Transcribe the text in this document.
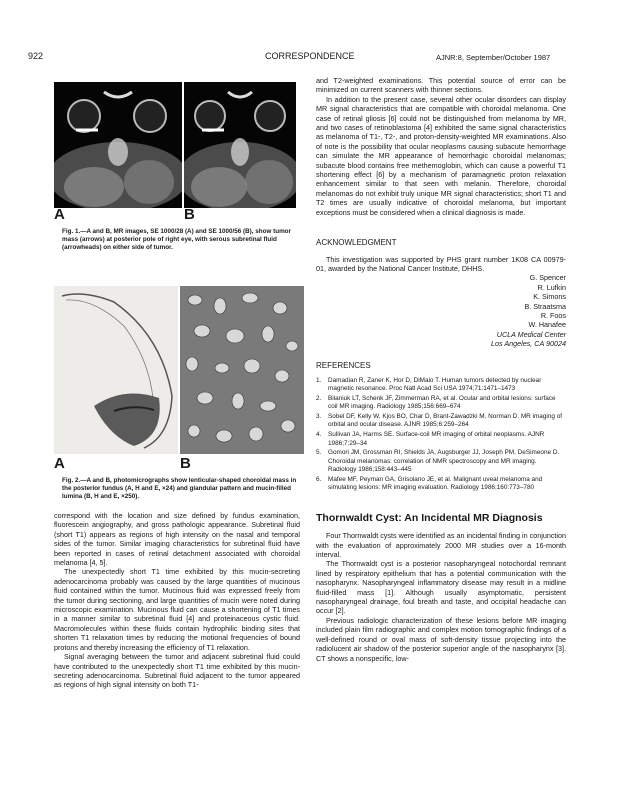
922	CORRESPONDENCE	AJNR:8, September/October 1987
A	B
Fig. 1.—A and B, MR images, SE 1000/28 (A) and SE 1000/56 (B), show tumor mass (arrows) at posterior pole of right eye, with serous subretinal fluid (arrowheads) on either side of tumor.
A	B
Fig. 2.—A and B, photomicrographs show lenticular-shaped choroidal mass in the posterior fundus (A, H and E, ×24) and glandular pattern and mucin-filled lumina (B, H and E, ×250).

correspond with the location and size defined by fundus examination, fluorescein angiography, and gross pathologic appearance. Subretinal fluid (short T1) appears as regions of high intensity on the nasal and temporal sides of the tumor. Similar imaging characteristics for subretinal fluid have been reported in cases of retinal detachment associated with choroidal melanoma [4, 5].

The unexpectedly short T1 time exhibited by this mucin-secreting adenocarcinoma probably was caused by the large quantities of mucinous fluid contained within the tumor. Mucinous fluid was expressed freely from the tumor during sectioning, and large quantities of mucin were noted during microscopic examination. Mucinous fluid can cause a shortening of T1 times in a manner similar to subretinal fluid [4] and proteinaceous cystic fluid. Macromolecules within these fluids contain hydrophilic binding sites that shorten T1 relaxation times by reducing the motional frequencies of bound protons and thereby increasing the efficiency of T1 relaxation.

Signal averaging between the tumor and adjacent subretinal fluid could have contributed to the unexpectedly short T1 time exhibited by this mucin-secreting adenocarcinoma. Subretinal fluid adjacent to the tumor appeared as regions of high signal intensity on both T1-

and T2-weighted examinations. This potential source of error can be minimized on current scanners with thinner sections.

In addition to the present case, several other ocular disorders can display MR signal characteristics that are compatible with choroidal melanoma. One case of retinal gliosis [6] could not be distinguished from melanoma by MR, and two cases of retinoblastoma [4] exhibited the same signal characteristics as melanoma of T1-, T2-, and proton-density-weighted MR examinations. Also of note is the possibility that ocular neoplasms causing subacute hemorrhage can simulate the MR appearance of hemorrhagic choroidal melanomas; subacute blood contains free methemoglobin, which can cause a powerful T1 shortening effect [6] by a mechanism of paramagnetic proton relaxation enhancement similar to that seen with melanin. Therefore, choroidal melanomas do not exhibit truly unique MR signal characteristics; short T1 and T2 times are usually indicative of choroidal melanoma, but important exceptions must be considered when a clinical diagnosis is made.

ACKNOWLEDGMENT

This investigation was supported by PHS grant number 1K08 CA 00979-01, awarded by the National Cancer Institute, DHHS.

G. Spencer
R. Lufkin
K. Simons
B. Straatsma
R. Foos
W. Hanafee
UCLA Medical Center
Los Angeles, CA 90024

REFERENCES

1.	Damadian R, Zaner K, Hor D, DiMaio T. Human tumors detected by nuclear magnetic resonance. Proc Natl Acad Sci USA 1974;71:1471–1473
2.	Bilaniuk LT, Schenk JF, Zimmerman RA, et al. Ocular and orbital lesions: surface coil MR imaging. Radiology 1985;156:669–674
3.	Sobel DF, Kelly W, Kjos BO, Char D, Brant-Zawadzki M, Norman D. MR imaging of orbital and ocular disease. AJNR 1985;6:259–264
4.	Sullivan JA, Harms SE. Surface-coil MR imaging of orbital neoplasms. AJNR 1986;7:29–34
5.	Gomori JM, Grossman RI, Shields JA, Augsburger JJ, Joseph PM, DeSimeone D. Choroidal melanomas: correlation of NMR spectroscopy and MR imaging. Radiology 1986;158:443–445
6.	Mafee MF, Peyman GA, Grisolano JE, et al. Malignant uveal melanoma and simulating lesions: MR imaging evaluation. Radiology 1986;160:773–780

Thornwaldt Cyst: An Incidental MR Diagnosis

Four Thornwaldt cysts were identified as an incidental finding in conjunction with the evaluation of approximately 2000 MR studies over a 16-month interval.

The Thornwaldt cyst is a posterior nasopharyngeal notochordal remnant lined by respiratory epithelium that has a potential communication with the nasopharynx. Nasopharyngeal inflammatory disease may result in a midline fluid-filled mass [1]. Although usually asymptomatic, persistent nasopharyngeal drainage, foul breath and taste, and occipital headache can occur [2].

Previous radiologic characterization of these lesions before MR imaging included plain film radiographic and complex motion tomographic findings of a well-defined round or oval mass of soft-density tissue projecting into the radiolucent air shadow of the posterior superior angle of the nasopharynx [3]. CT shows a nonspecific, low-
